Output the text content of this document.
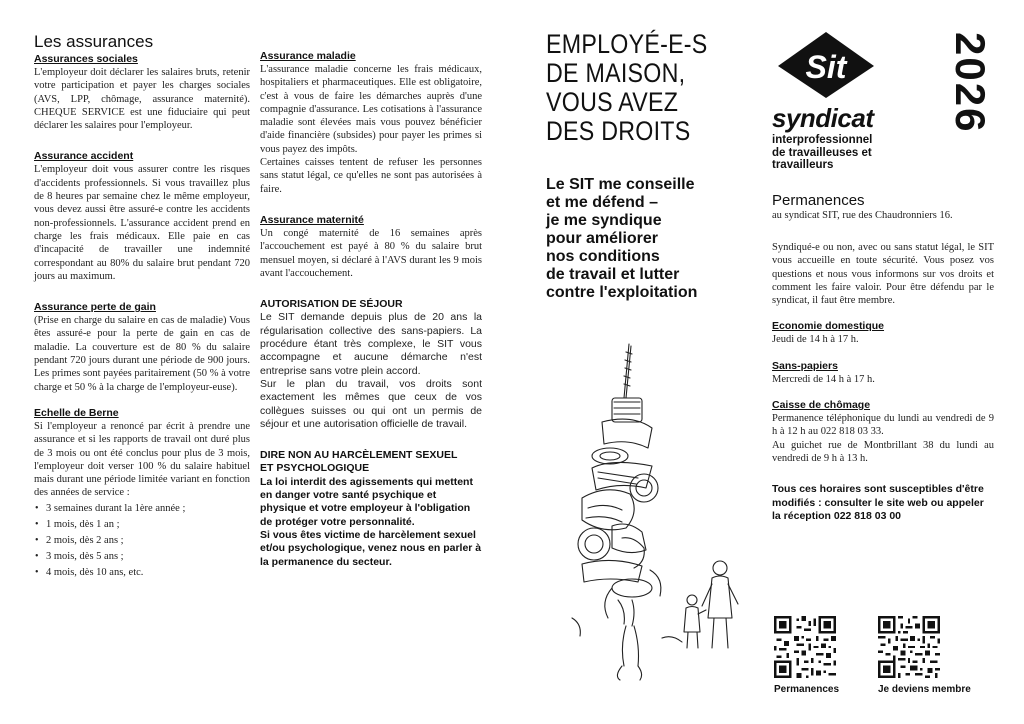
Les assurances
Assurances sociales
L'employeur doit déclarer les salaires bruts, retenir votre participation et payer les charges sociales (AVS, LPP, chômage, assurance maternité). CHEQUE SERVICE est une fiduciaire qui peut déclarer les salaires pour l'employeur.
Assurance accident
L'employeur doit vous assurer contre les risques d'accidents professionnels. Si vous travaillez plus de 8 heures par semaine chez le même employeur, vous devez aussi être assuré-e contre les accidents non-professionnels. L'assurance accident prend en charge les frais médicaux. Elle paie en cas d'incapacité de travailler une indemnité correspondant au 80% du salaire brut pendant 720 jours au maximum.
Assurance perte de gain
(Prise en charge du salaire en cas de maladie) Vous êtes assuré-e pour la perte de gain en cas de maladie. La couverture est de 80 % du salaire pendant 720 jours durant une période de 900 jours. Les primes sont payées paritairement (50 % à votre charge et 50 % à la charge de l'employeur-euse).
Echelle de Berne
Si l'employeur a renoncé par écrit à prendre une assurance et si les rapports de travail ont duré plus de 3 mois ou ont été conclus pour plus de 3 mois, l'employeur doit verser 100 % du salaire habituel mais durant une période limitée variant en fonction des années de service :
• 3 semaines durant la 1ère année ;
• 1 mois, dès 1 an ;
• 2 mois, dès 2 ans ;
• 3 mois, dès 5 ans ;
• 4 mois, dès 10 ans, etc.
Assurance maladie
L'assurance maladie concerne les frais médicaux, hospitaliers et pharmaceutiques. Elle est obligatoire, c'est à vous de faire les démarches auprès d'une compagnie d'assurance. Les cotisations à l'assurance maladie sont élevées mais vous pouvez bénéficier d'aide financière (subsides) pour payer les primes si vous payez des impôts.
Certaines caisses tentent de refuser les personnes sans statut légal, ce qu'elles ne sont pas autorisées à faire.
Assurance maternité
Un congé maternité de 16 semaines après l'accouchement est payé à 80 % du salaire brut mensuel moyen, si déclaré à l'AVS durant les 9 mois avant l'accouchement.
AUTORISATION DE SÉJOUR
Le SIT demande depuis plus de 20 ans la régularisation collective des sans-papiers. La procédure étant très complexe, le SIT vous accompagne et aucune démarche n'est entreprise sans votre plein accord.
Sur le plan du travail, vos droits sont exactement les mêmes que ceux de vos collègues suisses ou qui ont un permis de séjour et une autorisation officielle de travail.
DIRE NON AU HARCÈLEMENT SEXUEL
ET PSYCHOLOGIQUE
La loi interdit des agissements qui mettent en danger votre santé psychique et physique et votre employeur à l'obligation de protéger votre personnalité.
Si vous êtes victime de harcèlement sexuel et/ou psychologique, venez nous en parler à la permanence du secteur.
EMPLOYÉ-E-S
DE MAISON,
VOUS AVEZ
DES DROITS
Le SIT me conseille
et me défend –
je me syndique
pour améliorer
nos conditions
de travail et lutter
contre l'exploitation
Sit
syndicat
interprofessionnel
de travailleuses et
travailleurs
2026
Permanences
au syndicat SIT, rue des Chaudronniers 16.
Syndiqué-e ou non, avec ou sans statut légal, le SIT vous accueille en toute sécurité. Vous posez vos questions et nous vous informons sur vos droits et comment les faire valoir. Pour être défendu par le syndicat, il faut être membre.
Economie domestique
Jeudi de 14 h à 17 h.
Sans-papiers
Mercredi de 14 h à 17 h.
Caisse de chômage
Permanence téléphonique du lundi au vendredi de 9 h à 12 h au 022 818 03 33.
Au guichet rue de Montbrillant 38 du lundi au vendredi de 9 h à 13 h.
Tous ces horaires sont susceptibles d'être modifiés : consulter le site web ou appeler la réception 022 818 03 00
Permanences	Je deviens membre
